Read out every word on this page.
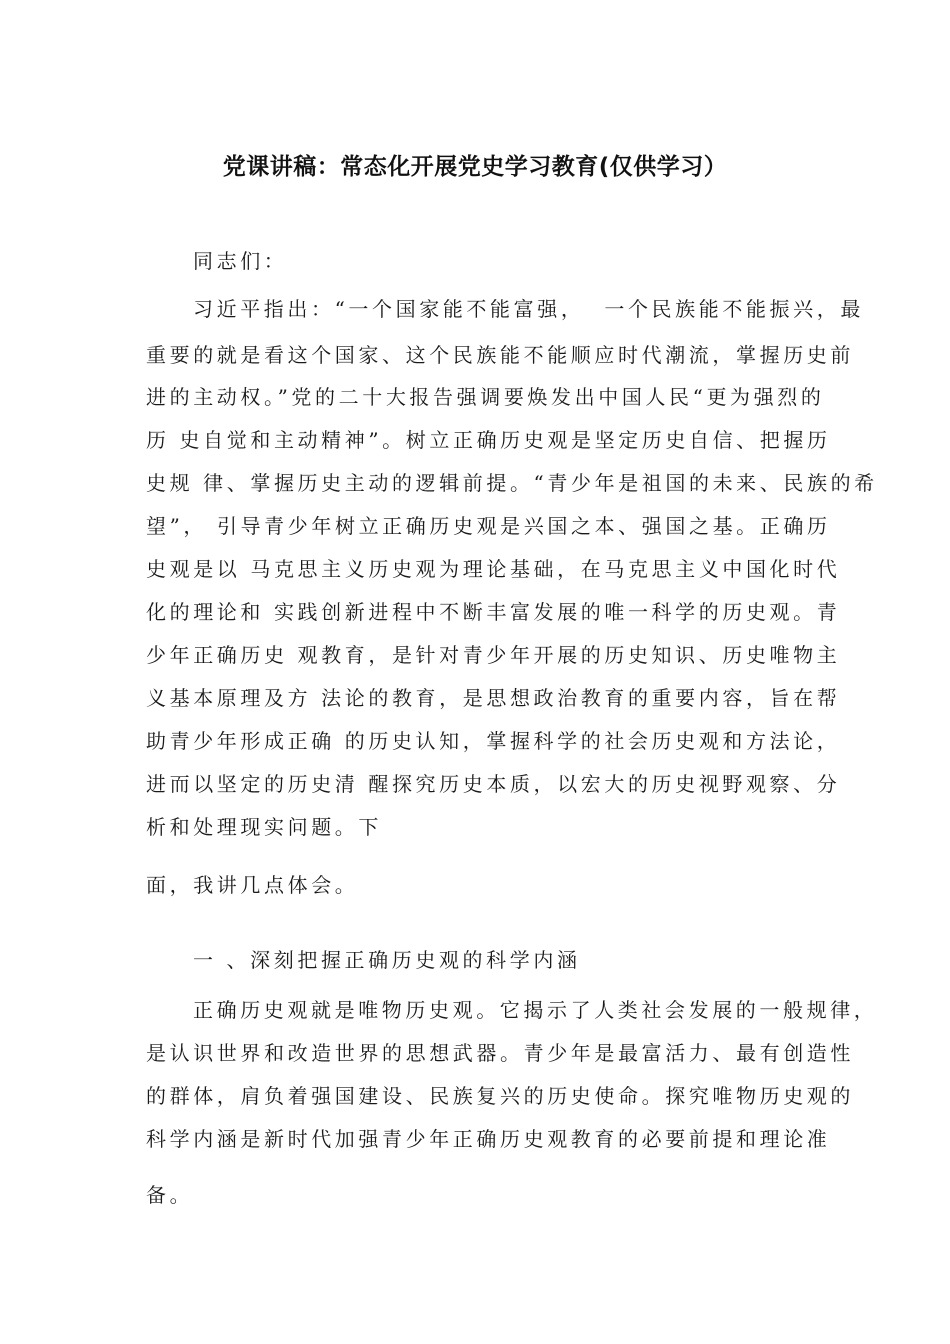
党课讲稿：常态化开展党史学习教育(仅供学习）
同志们：
习近平指出：“一个国家能不能富强，  一个民族能不能振兴，最
重要的就是看这个国家、这个民族能不能顺应时代潮流，掌握历史前
进的主动权。”党的二十大报告强调要焕发出中国人民“更为强烈的
历 史自觉和主动精神”。树立正确历史观是坚定历史自信、把握历
史规 律、掌握历史主动的逻辑前提。“青少年是祖国的未来、民族的希
望”， 引导青少年树立正确历史观是兴国之本、强国之基。正确历
史观是以 马克思主义历史观为理论基础，在马克思主义中国化时代
化的理论和 实践创新进程中不断丰富发展的唯一科学的历史观。青
少年正确历史 观教育，是针对青少年开展的历史知识、历史唯物主
义基本原理及方 法论的教育，是思想政治教育的重要内容，旨在帮
助青少年形成正确 的历史认知，掌握科学的社会历史观和方法论，
进而以坚定的历史清 醒探究历史本质，以宏大的历史视野观察、分
析和处理现实问题。下
面，我讲几点体会。
一 、深刻把握正确历史观的科学内涵
正确历史观就是唯物历史观。它揭示了人类社会发展的一般规律，
是认识世界和改造世界的思想武器。青少年是最富活力、最有创造性
的群体，肩负着强国建设、民族复兴的历史使命。探究唯物历史观的
科学内涵是新时代加强青少年正确历史观教育的必要前提和理论准
备。
